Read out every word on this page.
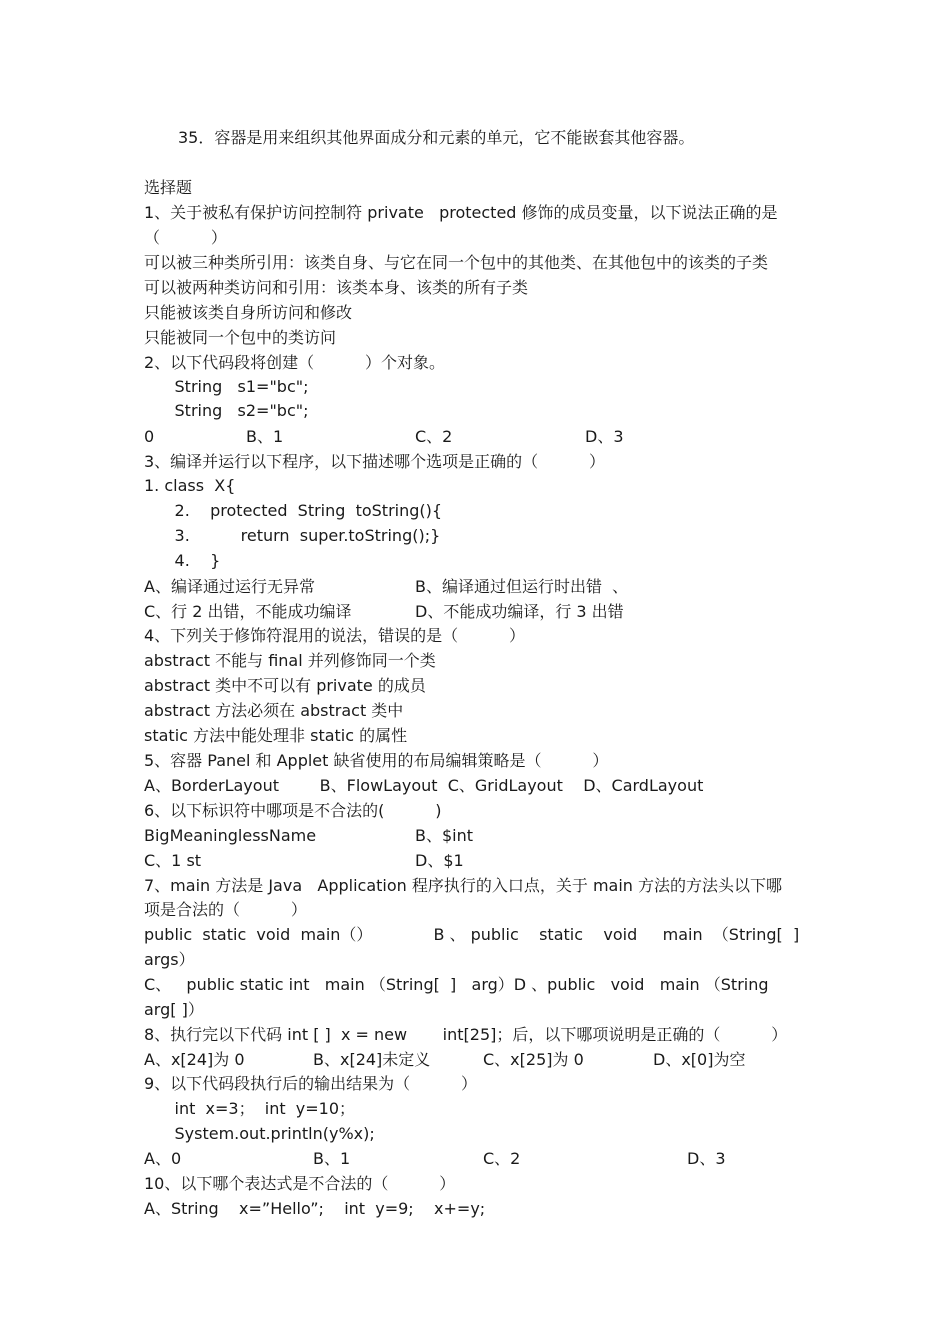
35．容器是用来组织其他界面成分和元素的单元，它不能嵌套其他容器。
选择题
1、关于被私有保护访问控制符 private   protected 修饰的成员变量，以下说法正确的是
（          ）
可以被三种类所引用：该类自身、与它在同一个包中的其他类、在其他包中的该类的子类
可以被两种类访问和引用：该类本身、该类的所有子类
只能被该类自身所访问和修改
只能被同一个包中的类访问
2、以下代码段将创建（          ）个对象。
String   s1="bc";
String   s2="bc";
0	B、1	C、2	D、3
3、编译并运行以下程序，以下描述哪个选项是正确的（          ）
1. class  X{
2.    protected  String  toString(){
3.          return  super.toString();}
4.    }
A、编译通过运行无异常	B、编译通过但运行时出错  、
C、行 2 出错，不能成功编译	D、不能成功编译，行 3 出错
4、下列关于修饰符混用的说法，错误的是（          ）
abstract 不能与 final 并列修饰同一个类
abstract 类中不可以有 private 的成员
abstract 方法必须在 abstract 类中
static 方法中能处理非 static 的属性
5、容器 Panel 和 Applet 缺省使用的布局编辑策略是（          ）
A、BorderLayout        B、FlowLayout  C、GridLayout    D、CardLayout
6、以下标识符中哪项是不合法的(          )
BigMeaninglessName	B、$int
C、1 st	D、$1
7、main 方法是 Java   Application 程序执行的入口点，关于 main 方法的方法头以下哪
项是合法的（          ）
public  static  void  main（）            B 、 public    static    void     main  （String[  ]
args）
C、   public static int   main （String[  ]   arg）D 、public   void   main （String
arg[ ]）
8、执行完以下代码 int [ ]  x = new       int[25]；后，以下哪项说明是正确的（          ）
A、x[24]为 0	B、x[24]未定义	C、x[25]为 0	D、x[0]为空
9、以下代码段执行后的输出结果为（          ）
int  x=3；  int  y=10；
System.out.println(y%x);
A、0	B、1	C、2	D、3
10、以下哪个表达式是不合法的（          ）
A、String    x=”Hello”;    int  y=9;    x+=y;
